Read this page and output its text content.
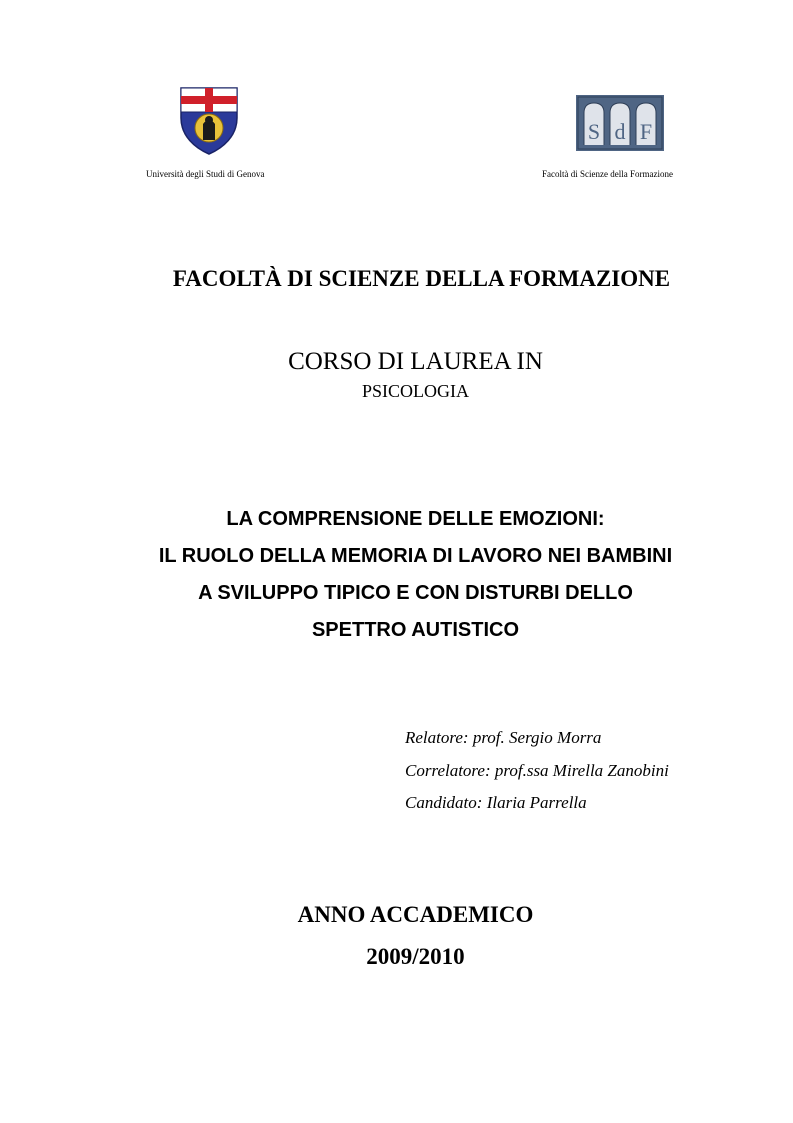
S d F
Università degli Studi di Genova	Facoltà di Scienze della Formazione
FACOLTÀ DI SCIENZE DELLA FORMAZIONE
CORSO DI LAUREA IN
PSICOLOGIA
LA COMPRENSIONE DELLE EMOZIONI:
IL RUOLO DELLA MEMORIA DI LAVORO NEI BAMBINI
A SVILUPPO TIPICO E CON DISTURBI DELLO
SPETTRO AUTISTICO
Relatore: prof. Sergio Morra
Correlatore: prof.ssa Mirella Zanobini
Candidato: Ilaria Parrella
ANNO ACCADEMICO
2009/2010
